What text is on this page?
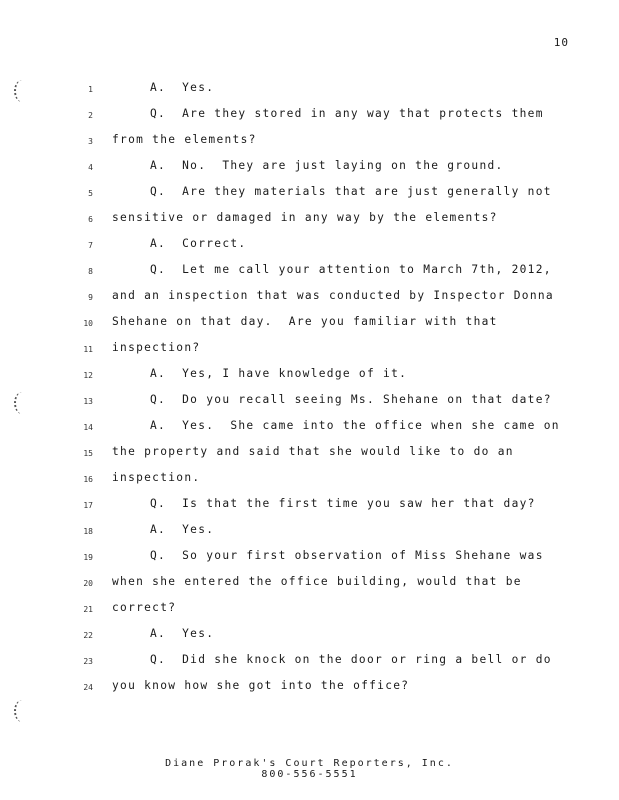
10
1	A.  Yes.
2	Q.  Are they stored in any way that protects them
3 from the elements?
4	A.  No.  They are just laying on the ground.
5	Q.  Are they materials that are just generally not
6 sensitive or damaged in any way by the elements?
7	A.  Correct.
8	Q.  Let me call your attention to March 7th, 2012,
9 and an inspection that was conducted by Inspector Donna
10 Shehane on that day.  Are you familiar with that
11 inspection?
12	A.  Yes, I have knowledge of it.
13	Q.  Do you recall seeing Ms. Shehane on that date?
14	A.  Yes.  She came into the office when she came on
15 the property and said that she would like to do an
16 inspection.
17	Q.  Is that the first time you saw her that day?
18	A.  Yes.
19	Q.  So your first observation of Miss Shehane was
20 when she entered the office building, would that be
21 correct?
22	A.  Yes.
23	Q.  Did she knock on the door or ring a bell or do
24 you know how she got into the office?
Diane Prorak's Court Reporters, Inc.
800-556-5551
